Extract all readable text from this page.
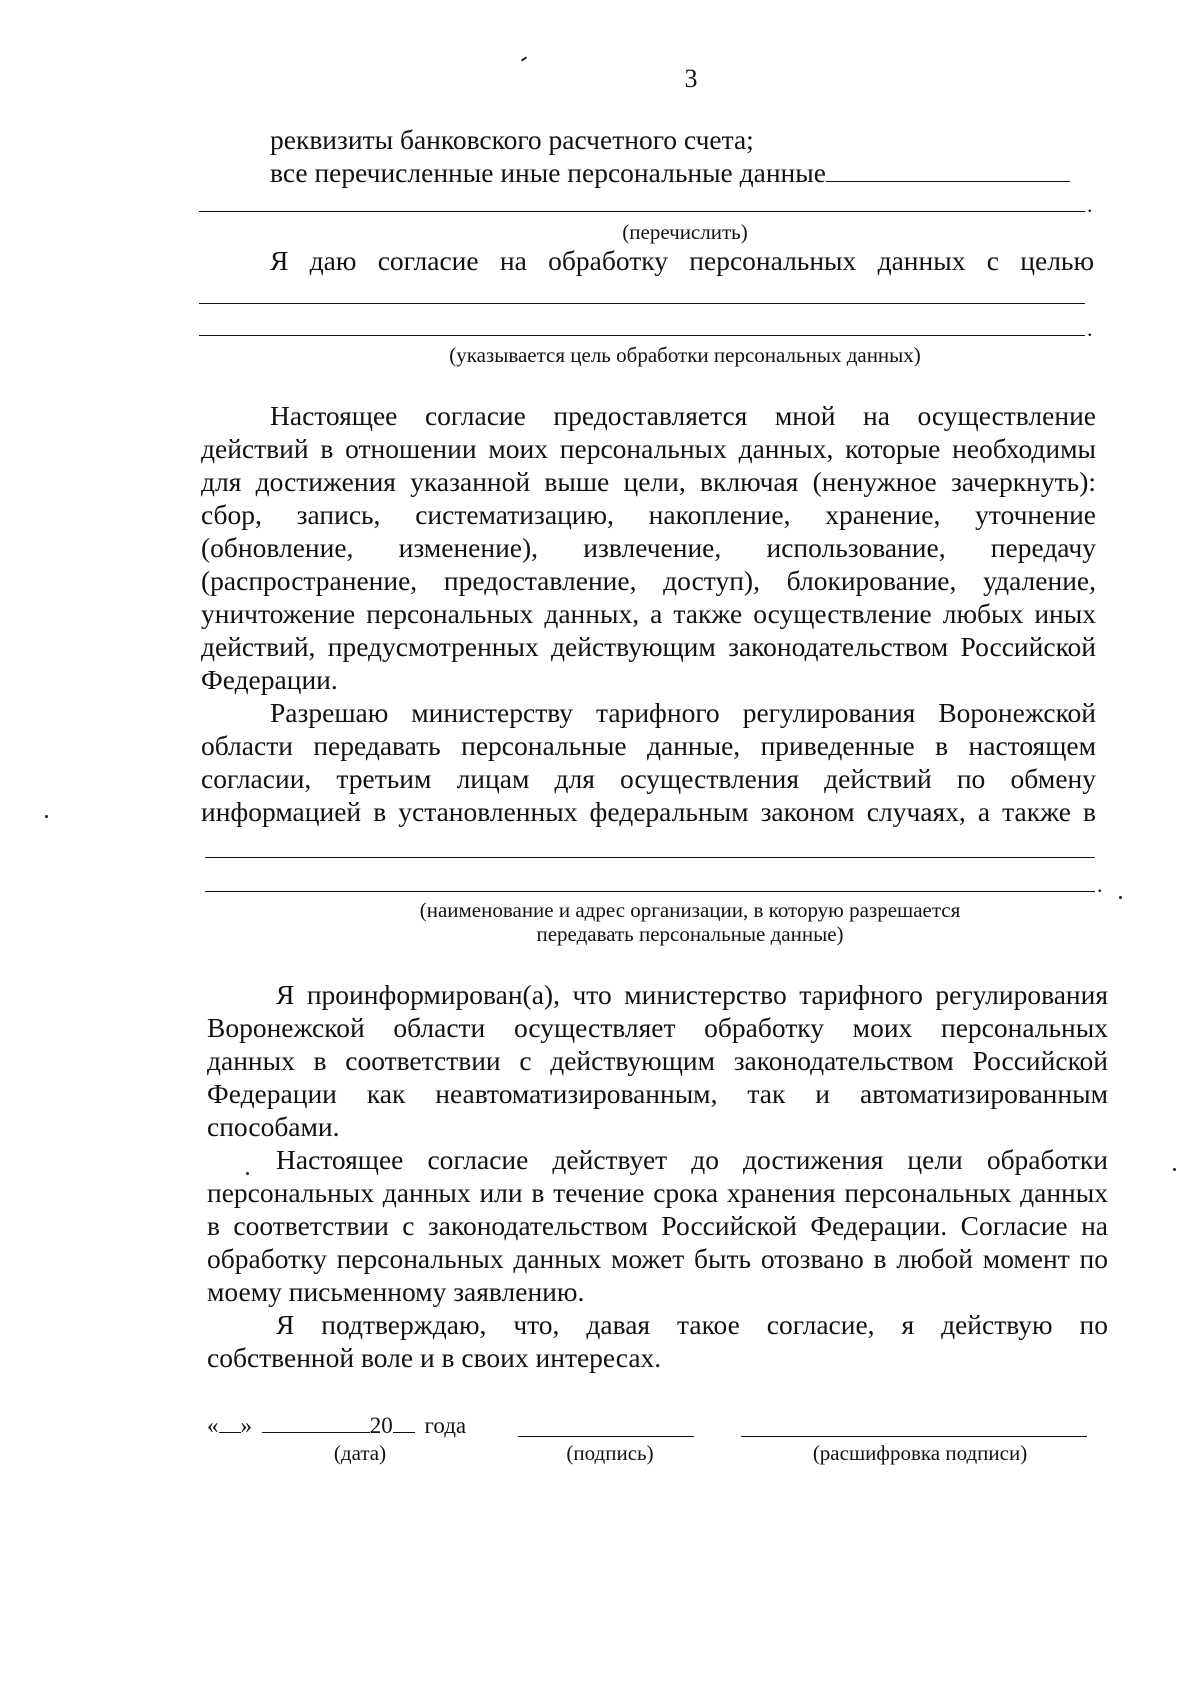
3
реквизиты банковского расчетного счета;
все перечисленные иные персональные данные
.
(перечислить)
Я даю согласие на обработку персональных данных с целью
.
(указывается цель обработки персональных данных)
Настоящее согласие предоставляется мной на осуществление
действий в отношении моих персональных данных, которые необходимы
для достижения указанной выше цели, включая (ненужное зачеркнуть):
сбор, запись, систематизацию, накопление, хранение, уточнение
(обновление, изменение), извлечение, использование, передачу
(распространение, предоставление, доступ), блокирование, удаление,
уничтожение персональных данных, а также осуществление любых иных
действий, предусмотренных действующим законодательством Российской
Федерации.
Разрешаю министерству тарифного регулирования Воронежской
области передавать персональные данные, приведенные в настоящем
согласии, третьим лицам для осуществления действий по обмену
информацией в установленных федеральным законом случаях, а также в
.
(наименование и адрес организации, в которую разрешается
передавать персональные данные)
Я проинформирован(а), что министерство тарифного регулирования
Воронежской области осуществляет обработку моих персональных
данных в соответствии с действующим законодательством Российской
Федерации как неавтоматизированным, так и автоматизированным
способами.
Настоящее согласие действует до достижения цели обработки
персональных данных или в течение срока хранения персональных данных
в соответствии с законодательством Российской Федерации. Согласие на
обработку персональных данных может быть отозвано в любой момент по
моему письменному заявлению.
Я подтверждаю, что, давая такое согласие, я действую по
собственной воле и в своих интересах.
« »	20 года
(дата)	(подпись)	(расшифровка подписи)
